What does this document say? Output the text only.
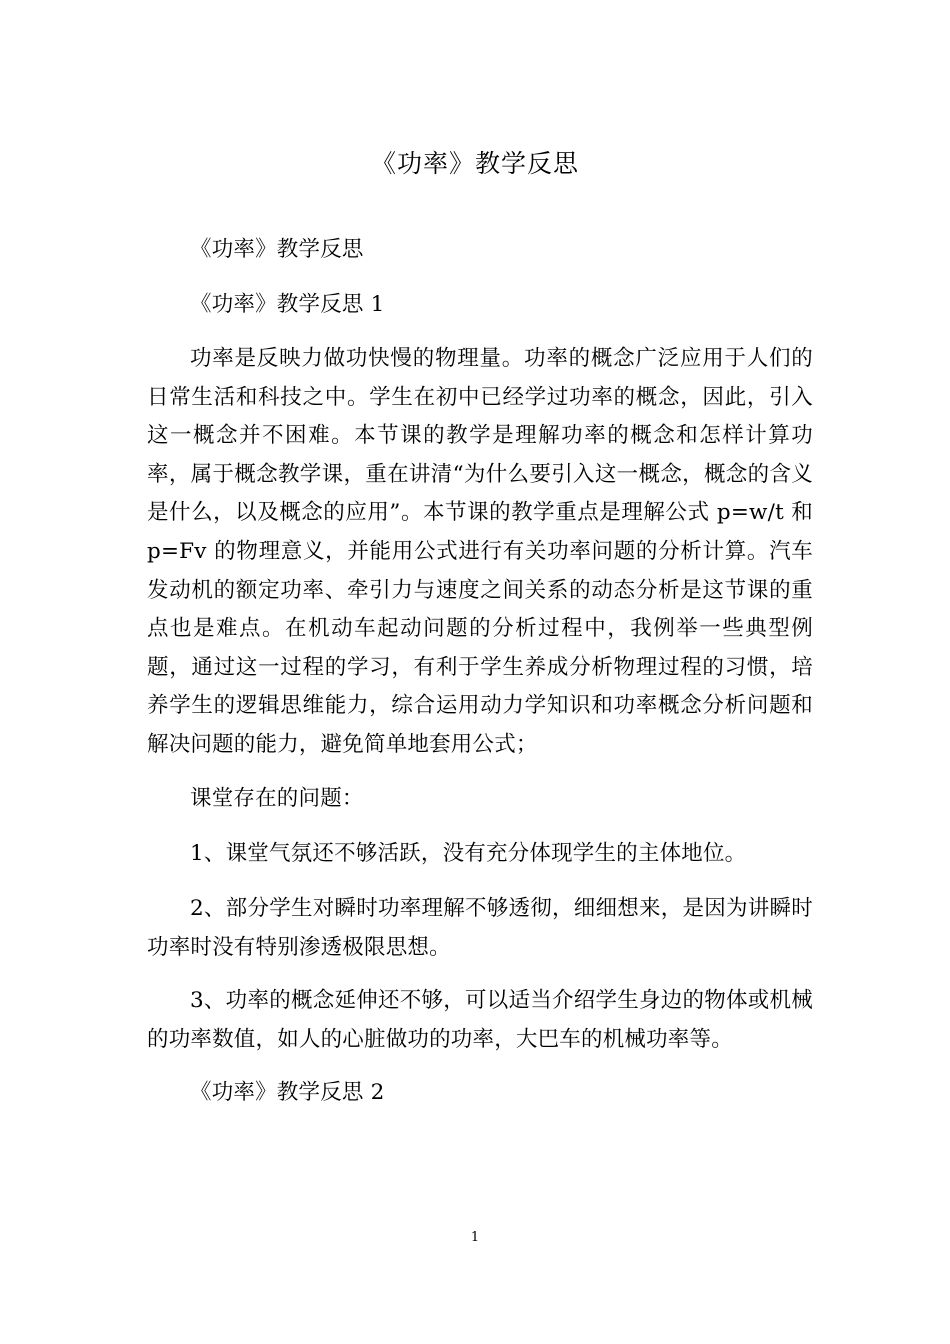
《功率》教学反思

《功率》教学反思

《功率》教学反思 1

功率是反映力做功快慢的物理量。功率的概念广泛应用于人们的日常生活和科技之中。学生在初中已经学过功率的概念，因此，引入这一概念并不困难。本节课的教学是理解功率的概念和怎样计算功率，属于概念教学课，重在讲清“为什么要引入这一概念，概念的含义是什么，以及概念的应用”。本节课的教学重点是理解公式 p=w/t 和 p=Fv 的物理意义，并能用公式进行有关功率问题的分析计算。汽车发动机的额定功率、牵引力与速度之间关系的动态分析是这节课的重点也是难点。在机动车起动问题的分析过程中，我例举一些典型例题，通过这一过程的学习，有利于学生养成分析物理过程的习惯，培养学生的逻辑思维能力，综合运用动力学知识和功率概念分析问题和解决问题的能力，避免简单地套用公式；

课堂存在的问题：

1、课堂气氛还不够活跃，没有充分体现学生的主体地位。

2、部分学生对瞬时功率理解不够透彻，细细想来，是因为讲瞬时功率时没有特别渗透极限思想。

3、功率的概念延伸还不够，可以适当介绍学生身边的物体或机械的功率数值，如人的心脏做功的功率，大巴车的机械功率等。

《功率》教学反思 2

1
